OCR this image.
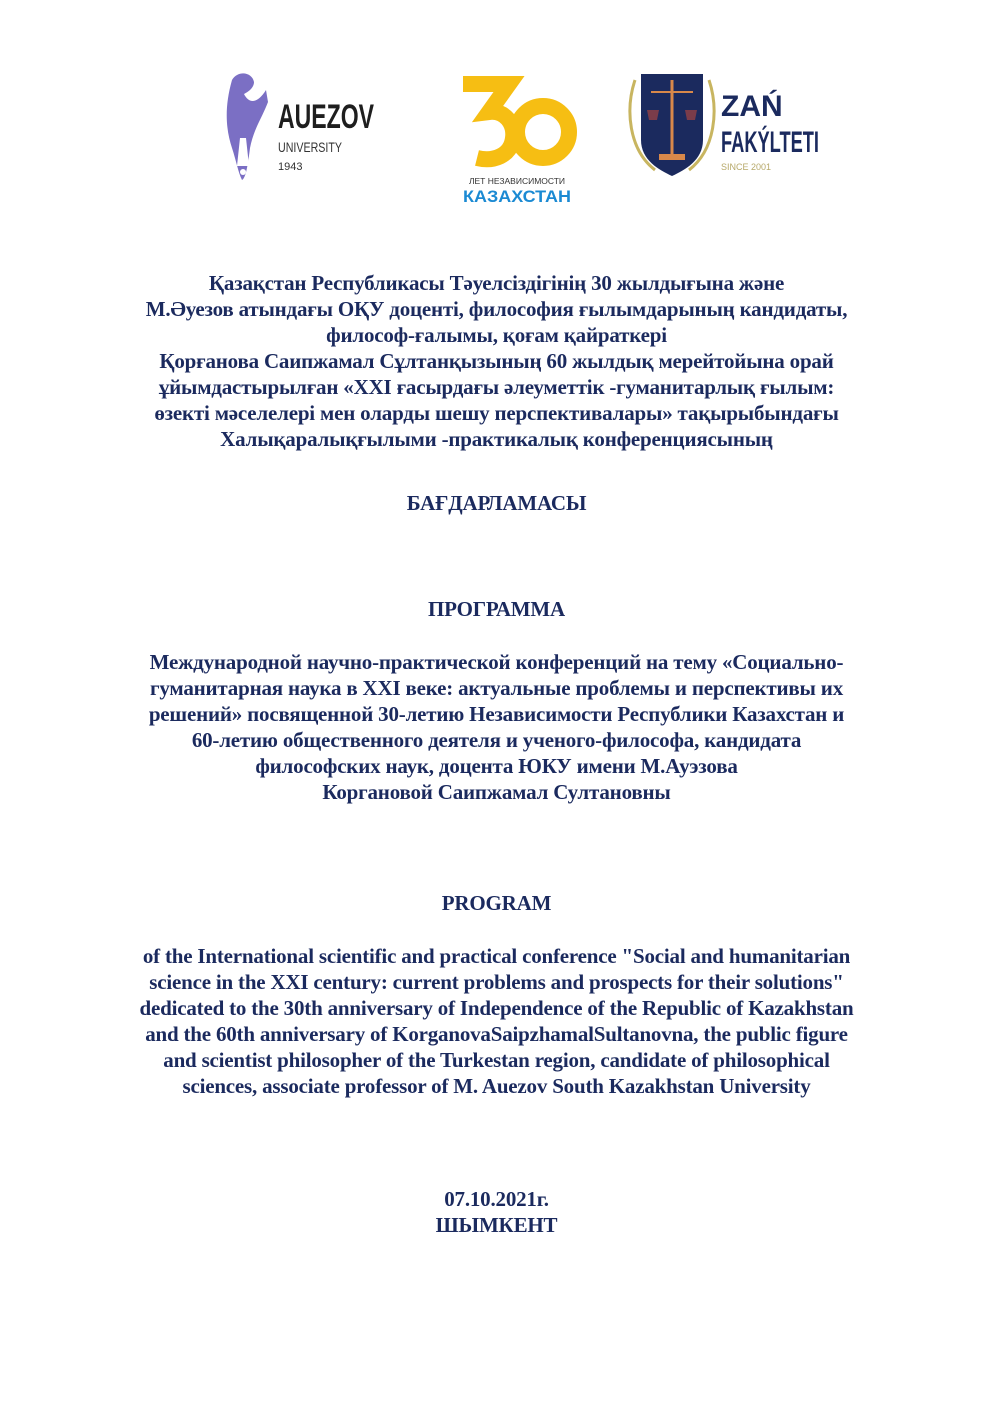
AUEZOV
UNIVERSITY
1943
ЛЕТ НЕЗАВИСИМОСТИ
КАЗАХСТАН
ZAŃ
FAKÝLTETI
SINCE 2001
Қазақстан Республикасы Тәуелсіздігінің 30 жылдығына және
М.Әуезов атындағы ОҚУ доценті, философия ғылымдарының кандидаты,
философ-ғалымы, қоғам қайраткері
Қорғанова Саипжамал Сұлтанқызының 60 жылдық мерейтойына орай
ұйымдастырылған «XXI ғасырдағы әлеуметтік -гуманитарлық ғылым:
өзекті мәселелері мен оларды шешу перспективалары» тақырыбындағы
Халықаралықғылыми -практикалық конференциясының
БАҒДАРЛАМАСЫ
ПРОГРАММА
Международной научно-практической конференций на тему «Социально-
гуманитарная наука в XXI веке: актуальные проблемы и перспективы их
решений» посвященной 30-летию Независимости Республики Казахстан и
60-летию общественного деятеля и ученого-философа, кандидата
философских наук, доцента ЮКУ имени М.Ауэзова
Коргановой Саипжамал Султановны
PROGRAM
of the International scientific and practical conference "Social and humanitarian
science in the XXI century: current problems and prospects for their solutions"
dedicated to the 30th anniversary of Independence of the Republic of Kazakhstan
and the 60th anniversary of KorganovaSaipzhamalSultanovna, the public figure
and scientist philosopher of the Turkestan region, candidate of philosophical
sciences, associate professor of M. Auezov South Kazakhstan University
07.10.2021г.
ШЫМКЕНТ
